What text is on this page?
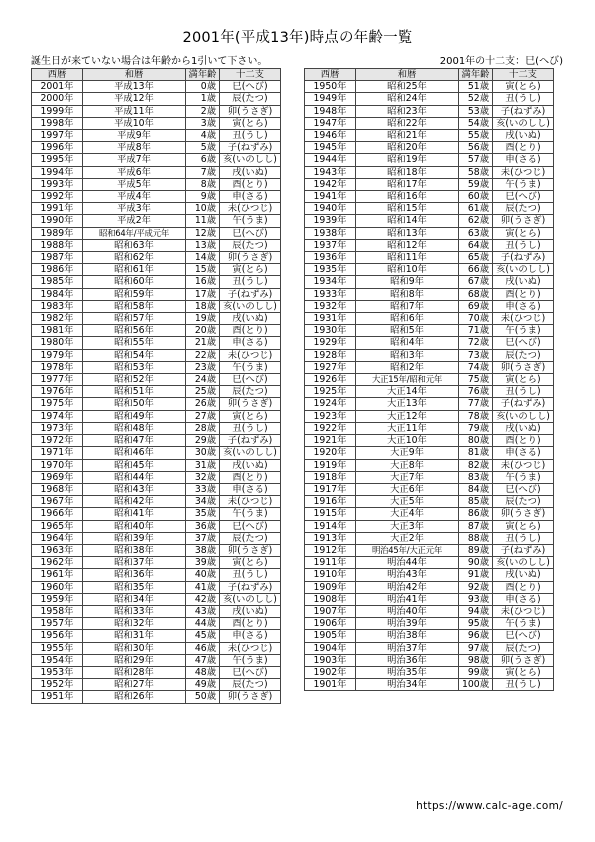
2001年(平成13年)時点の年齢一覧
誕生日が来ていない場合は年齢から1引いて下さい。	2001年の十二支：巳(へび)
西暦	和暦	満年齢	十二支
2001年	平成13年	0歳	巳(へび)
2000年	平成12年	1歳	辰(たつ)
1999年	平成11年	2歳	卯(うさぎ)
1998年	平成10年	3歳	寅(とら)
1997年	平成9年	4歳	丑(うし)
1996年	平成8年	5歳	子(ねずみ)
1995年	平成7年	6歳	亥(いのしし)
1994年	平成6年	7歳	戌(いぬ)
1993年	平成5年	8歳	酉(とり)
1992年	平成4年	9歳	申(さる)
1991年	平成3年	10歳	未(ひつじ)
1990年	平成2年	11歳	午(うま)
1989年	昭和64年/平成元年	12歳	巳(へび)
1988年	昭和63年	13歳	辰(たつ)
1987年	昭和62年	14歳	卯(うさぎ)
1986年	昭和61年	15歳	寅(とら)
1985年	昭和60年	16歳	丑(うし)
1984年	昭和59年	17歳	子(ねずみ)
1983年	昭和58年	18歳	亥(いのしし)
1982年	昭和57年	19歳	戌(いぬ)
1981年	昭和56年	20歳	酉(とり)
1980年	昭和55年	21歳	申(さる)
1979年	昭和54年	22歳	未(ひつじ)
1978年	昭和53年	23歳	午(うま)
1977年	昭和52年	24歳	巳(へび)
1976年	昭和51年	25歳	辰(たつ)
1975年	昭和50年	26歳	卯(うさぎ)
1974年	昭和49年	27歳	寅(とら)
1973年	昭和48年	28歳	丑(うし)
1972年	昭和47年	29歳	子(ねずみ)
1971年	昭和46年	30歳	亥(いのしし)
1970年	昭和45年	31歳	戌(いぬ)
1969年	昭和44年	32歳	酉(とり)
1968年	昭和43年	33歳	申(さる)
1967年	昭和42年	34歳	未(ひつじ)
1966年	昭和41年	35歳	午(うま)
1965年	昭和40年	36歳	巳(へび)
1964年	昭和39年	37歳	辰(たつ)
1963年	昭和38年	38歳	卯(うさぎ)
1962年	昭和37年	39歳	寅(とら)
1961年	昭和36年	40歳	丑(うし)
1960年	昭和35年	41歳	子(ねずみ)
1959年	昭和34年	42歳	亥(いのしし)
1958年	昭和33年	43歳	戌(いぬ)
1957年	昭和32年	44歳	酉(とり)
1956年	昭和31年	45歳	申(さる)
1955年	昭和30年	46歳	未(ひつじ)
1954年	昭和29年	47歳	午(うま)
1953年	昭和28年	48歳	巳(へび)
1952年	昭和27年	49歳	辰(たつ)
1951年	昭和26年	50歳	卯(うさぎ)
西暦	和暦	満年齢	十二支
1950年	昭和25年	51歳	寅(とら)
1949年	昭和24年	52歳	丑(うし)
1948年	昭和23年	53歳	子(ねずみ)
1947年	昭和22年	54歳	亥(いのしし)
1946年	昭和21年	55歳	戌(いぬ)
1945年	昭和20年	56歳	酉(とり)
1944年	昭和19年	57歳	申(さる)
1943年	昭和18年	58歳	未(ひつじ)
1942年	昭和17年	59歳	午(うま)
1941年	昭和16年	60歳	巳(へび)
1940年	昭和15年	61歳	辰(たつ)
1939年	昭和14年	62歳	卯(うさぎ)
1938年	昭和13年	63歳	寅(とら)
1937年	昭和12年	64歳	丑(うし)
1936年	昭和11年	65歳	子(ねずみ)
1935年	昭和10年	66歳	亥(いのしし)
1934年	昭和9年	67歳	戌(いぬ)
1933年	昭和8年	68歳	酉(とり)
1932年	昭和7年	69歳	申(さる)
1931年	昭和6年	70歳	未(ひつじ)
1930年	昭和5年	71歳	午(うま)
1929年	昭和4年	72歳	巳(へび)
1928年	昭和3年	73歳	辰(たつ)
1927年	昭和2年	74歳	卯(うさぎ)
1926年	大正15年/昭和元年	75歳	寅(とら)
1925年	大正14年	76歳	丑(うし)
1924年	大正13年	77歳	子(ねずみ)
1923年	大正12年	78歳	亥(いのしし)
1922年	大正11年	79歳	戌(いぬ)
1921年	大正10年	80歳	酉(とり)
1920年	大正9年	81歳	申(さる)
1919年	大正8年	82歳	未(ひつじ)
1918年	大正7年	83歳	午(うま)
1917年	大正6年	84歳	巳(へび)
1916年	大正5年	85歳	辰(たつ)
1915年	大正4年	86歳	卯(うさぎ)
1914年	大正3年	87歳	寅(とら)
1913年	大正2年	88歳	丑(うし)
1912年	明治45年/大正元年	89歳	子(ねずみ)
1911年	明治44年	90歳	亥(いのしし)
1910年	明治43年	91歳	戌(いぬ)
1909年	明治42年	92歳	酉(とり)
1908年	明治41年	93歳	申(さる)
1907年	明治40年	94歳	未(ひつじ)
1906年	明治39年	95歳	午(うま)
1905年	明治38年	96歳	巳(へび)
1904年	明治37年	97歳	辰(たつ)
1903年	明治36年	98歳	卯(うさぎ)
1902年	明治35年	99歳	寅(とら)
1901年	明治34年	100歳	丑(うし)
https://www.calc-age.com/
